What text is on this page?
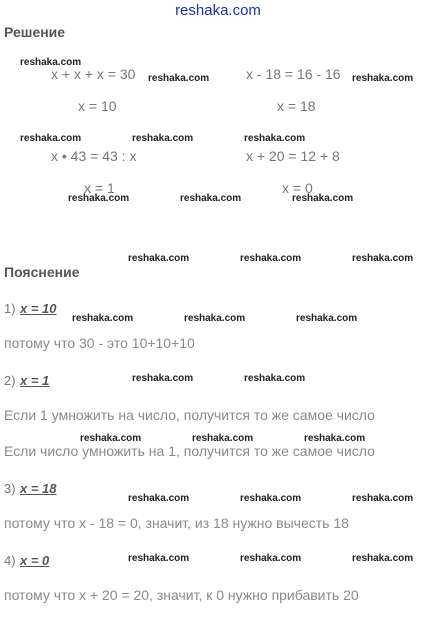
reshaka.com
Решение
x + x + x = 30
x = 10
x - 18 = 16 - 16
x = 18
x • 43 = 43 : x
x = 1
x + 20 = 12 + 8
x = 0
Пояснение
1) x = 10
потому что 30 - это 10+10+10
2) x = 1
Если 1 умножить на число, получится то же самое число
Если число умножить на 1, получится то же самое число
3) x = 18
потому что x - 18 = 0, значит, из 18 нужно вычесть 18
4) x = 0
потому что x + 20 = 20, значит, к 0 нужно прибавить 20
reshaka.com
reshaka.com	reshaka.com
reshaka.com	reshaka.com	reshaka.com
reshaka.com	reshaka.com	reshaka.com
reshaka.com	reshaka.com	reshaka.com
reshaka.com	reshaka.com	reshaka.com
reshaka.com	reshaka.com
reshaka.com	reshaka.com	reshaka.com
reshaka.com	reshaka.com	reshaka.com
reshaka.com	reshaka.com	reshaka.com
